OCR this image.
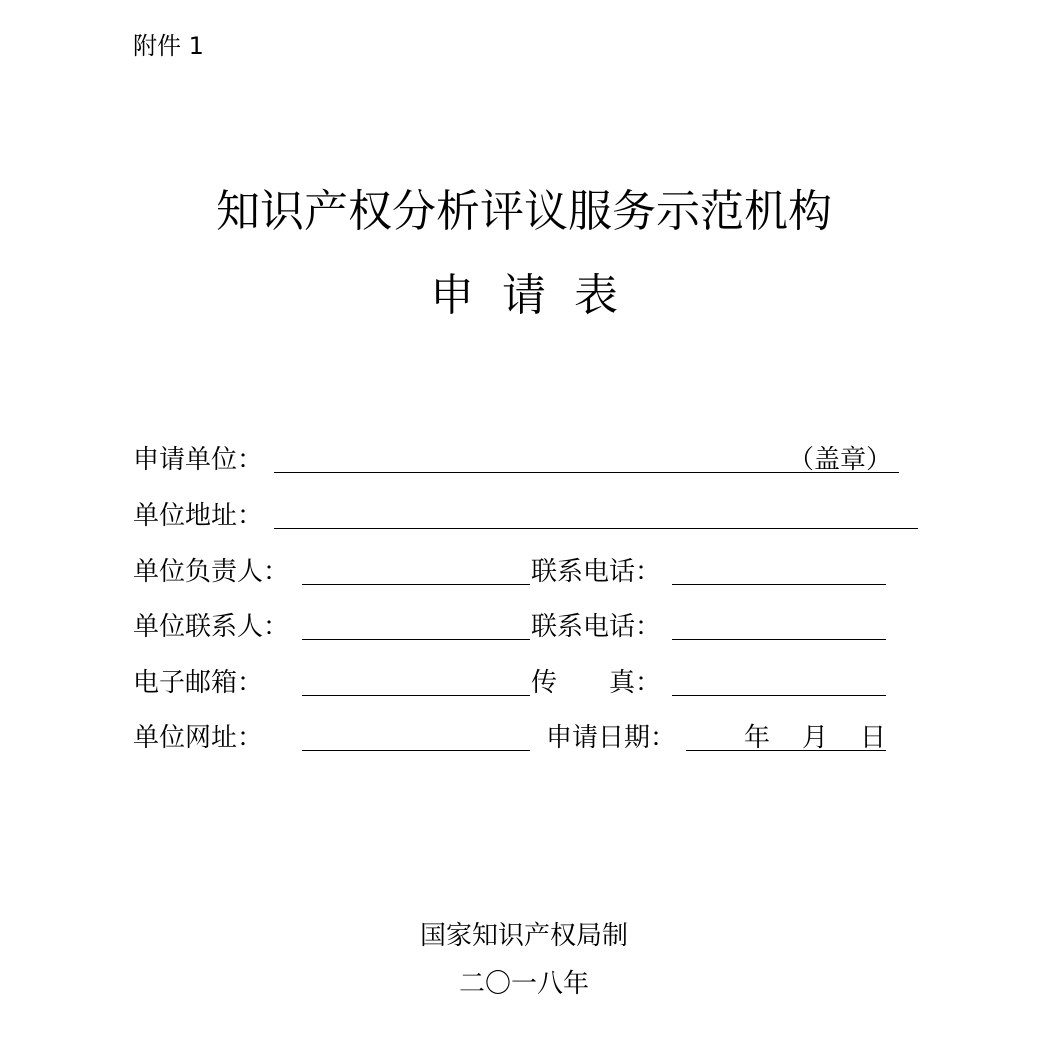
附件 1
知识产权分析评议服务示范机构
申请表
申请单位：	（盖章）
单位地址：
单位负责人：	联系电话：
单位联系人：	联系电话：
电子邮箱：	传　　真：
单位网址：	申请日期：	年 月 日
国家知识产权局制
二〇一八年
